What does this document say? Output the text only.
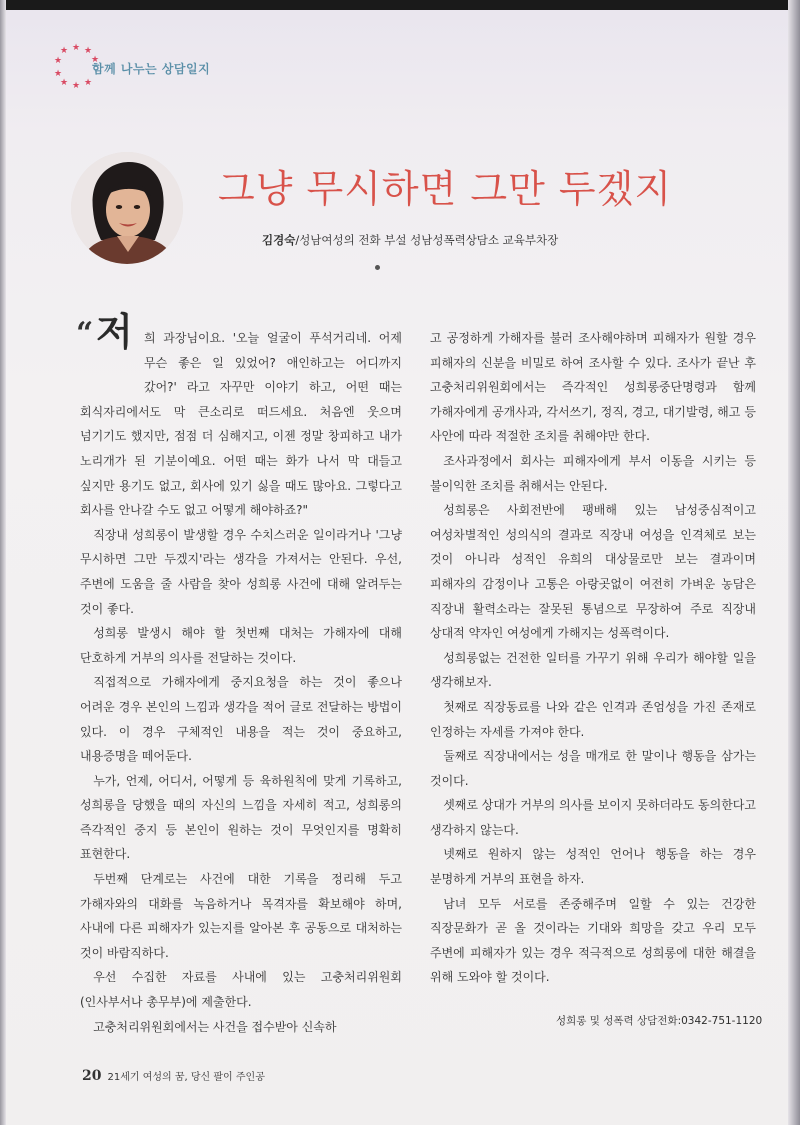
★ ★
★
★
★
★
★ ★ ★
함께 나누는 상담일지
그냥 무시하면 그만 두겠지
김경숙/성남여성의 전화 부설 성남성폭력상담소 교육부차장
“ 저 희 과장님이요. '오늘 얼굴이 푸석거리네. 어제 무슨 좋은 일 있었어? 애인하고는 어디까지 갔어?' 라고 자꾸만 이야기 하고, 어떤 때는 회식자리에서도 막 큰소리로 떠드세요. 처음엔 웃으며 넘기기도 했지만, 점점 더 심해지고, 이젠 정말 창피하고 내가 노리개가 된 기분이예요. 어떤 때는 화가 나서 막 대들고 싶지만 용기도 없고, 회사에 있기 싫을 때도 많아요. 그렇다고 회사를 안나갈 수도 없고 어떻게 해야하죠?"

직장내 성희롱이 발생할 경우 수치스러운 일이라거나 '그냥 무시하면 그만 두겠지'라는 생각을 가져서는 안된다. 우선, 주변에 도움을 줄 사람을 찾아 성희롱 사건에 대해 알려두는 것이 좋다.

성희롱 발생시 해야 할 첫번째 대처는 가해자에 대해 단호하게 거부의 의사를 전달하는 것이다.

직접적으로 가해자에게 중지요청을 하는 것이 좋으나 어려운 경우 본인의 느낌과 생각을 적어 글로 전달하는 방법이 있다. 이 경우 구체적인 내용을 적는 것이 중요하고, 내용증명을 떼어둔다.

누가, 언제, 어디서, 어떻게 등 육하원칙에 맞게 기록하고, 성희롱을 당했을 때의 자신의 느낌을 자세히 적고, 성희롱의 즉각적인 중지 등 본인이 원하는 것이 무엇인지를 명확히 표현한다.

두번째 단계로는 사건에 대한 기록을 정리해 두고 가해자와의 대화를 녹음하거나 목격자를 확보해야 하며, 사내에 다른 피해자가 있는지를 알아본 후 공동으로 대처하는 것이 바람직하다.

우선 수집한 자료를 사내에 있는 고충처리위원회(인사부서나 총무부)에 제출한다.

고충처리위원회에서는 사건을 접수받아 신속하

고 공정하게 가해자를 불러 조사해야하며 피해자가 원할 경우 피해자의 신분을 비밀로 하여 조사할 수 있다. 조사가 끝난 후 고충처리위원회에서는 즉각적인 성희롱중단명령과 함께 가해자에게 공개사과, 각서쓰기, 정직, 경고, 대기발령, 해고 등 사안에 따라 적절한 조치를 취해야만 한다.

조사과정에서 회사는 피해자에게 부서 이동을 시키는 등 불이익한 조치를 취해서는 안된다.

성희롱은 사회전반에 팽배해 있는 남성중심적이고 여성차별적인 성의식의 결과로 직장내 여성을 인격체로 보는 것이 아니라 성적인 유희의 대상물로만 보는 결과이며 피해자의 감정이나 고통은 아랑곳없이 여전히 가벼운 농담은 직장내 활력소라는 잘못된 통념으로 무장하여 주로 직장내 상대적 약자인 여성에게 가해지는 성폭력이다.

성희롱없는 건전한 일터를 가꾸기 위해 우리가 해야할 일을 생각해보자.

첫째로 직장동료를 나와 같은 인격과 존엄성을 가진 존재로 인정하는 자세를 가져야 한다.

둘째로 직장내에서는 성을 매개로 한 말이나 행동을 삼가는 것이다.

셋째로 상대가 거부의 의사를 보이지 못하더라도 동의한다고 생각하지 않는다.

넷째로 원하지 않는 성적인 언어나 행동을 하는 경우 분명하게 거부의 표현을 하자.

남녀 모두 서로를 존중해주며 일할 수 있는 건강한 직장문화가 곧 올 것이라는 기대와 희망을 갖고 우리 모두 주변에 피해자가 있는 경우 적극적으로 성희롱에 대한 해결을 위해 도와야 할 것이다.

성희롱 및 성폭력 상담전화:0342-751-1120
20 21세기 여성의 꿈, 당신 팔이 주인공
